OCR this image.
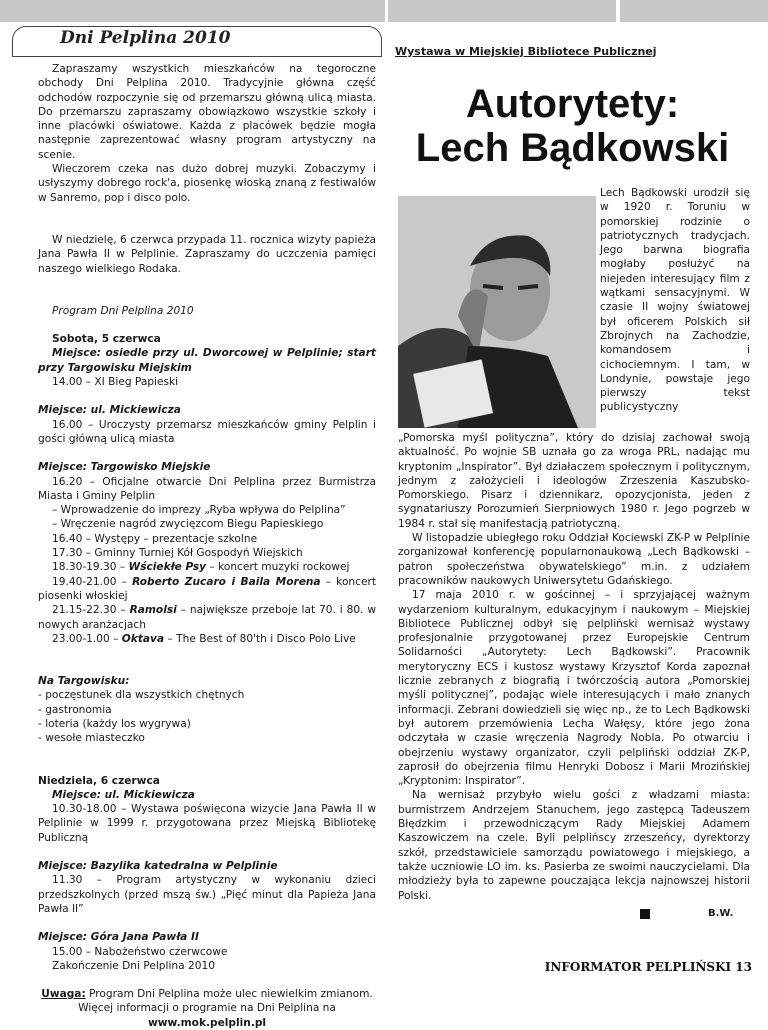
Dni Pelplina 2010

Zapraszamy wszystkich mieszkańców na tegoroczne obchody Dni Pelplina 2010. Tradycyjnie główna część odchodów rozpoczynie się od przemarszu główną ulicą miasta. Do przemarszu zapraszamy obowiązkowo wszystkie szkoły i inne placówki oświatowe. Każda z placówek będzie mogła następnie zaprezentować własny program artystyczny na scenie.

Wieczorem czeka nas dużo dobrej muzyki. Zobaczymy i usłyszymy dobrego rock'a, piosenkę włoską znaną z festiwalów w Sanremo, pop i disco polo.

W niedzielę, 6 czerwca przypada 11. rocznica wizyty papieża Jana Pawła II w Pelplinie. Zapraszamy do uczczenia pamięci naszego wielkiego Rodaka.

Program Dni Pelplina 2010

Sobota, 5 czerwca

Miejsce: osiedle przy ul. Dworcowej w Pelplinie; start przy Targowisku Miejskim

14.00 – XI Bieg Papieski

Miejsce: ul. Mickiewicza

16.00 – Uroczysty przemarsz mieszkańców gminy Pelplin i gości główną ulicą miasta

Miejsce: Targowisko Miejskie

16.20 – Oficjalne otwarcie Dni Pelplina przez Burmistrza Miasta i Gminy Pelplin

– Wprowadzenie do imprezy „Ryba wpływa do Pelplina”

– Wręczenie nagród zwycięzcom Biegu Papieskiego

16.40 – Występy – prezentacje szkolne

17.30 – Gminny Turniej Kół Gospodyń Wiejskich

18.30-19.30 – Wściekłe Psy – koncert muzyki rockowej

19.40-21.00 – Roberto Zucaro i Baila Morena – koncert piosenki włoskiej

21.15-22.30 – Ramolsi – największe przeboje lat 70. i 80. w nowych aranżacjach

23.00-1.00 – Oktava – The Best of 80'th i Disco Polo Live

Na Targowisku:

- poczęstunek dla wszystkich chętnych

- gastronomia

- loteria (każdy los wygrywa)

- wesołe miasteczko

Niedziela, 6 czerwca

Miejsce: ul. Mickiewicza

10.30-18.00 – Wystawa poświęcona wizycie Jana Pawła II w Pelplinie w 1999 r. przygotowana przez Miejską Bibliotekę Publiczną

Miejsce: Bazylika katedralna w Pelplinie

11.30 – Program artystyczny w wykonaniu dzieci przedszkolnych (przed mszą św.) „Pięć minut dla Papieża Jana Pawła II”

Miejsce: Góra Jana Pawła II

15.00 – Nabożeństwo czerwcowe

Zakończenie Dni Pelplina 2010

Uwaga: Program Dni Pelplina może ulec niewielkim zmianom.

Więcej informacji o programie na Dni Pelplina na

www.mok.pelplin.pl

Wystawa w Miejskiej Bibliotece Publicznej
Autorytety:
Lech Bądkowski
Lech Bądkowski urodził się w 1920 r. Toruniu w pomorskiej rodzinie o patriotycznych tradycjach. Jego barwna biografia mogłaby posłużyć na niejeden interesujący film z wątkami sensacyjnymi. W czasie II wojny światowej był oficerem Polskich sił Zbrojnych na Zachodzie, komandosem i cichociemnym. I tam, w Londynie, powstaje jego pierwszy tekst publicystyczny

„Pomorska myśl polityczna”, który do dzisiaj zachował swoją aktualność. Po wojnie SB uznała go za wroga PRL, nadając mu kryptonim „Inspirator”. Był działaczem społecznym i politycznym, jednym z założycieli i ideologów Zrzeszenia Kaszubsko-Pomorskiego. Pisarz i dziennikarz, opozycjonista, jeden z sygnatariuszy Porozumień Sierpniowych 1980 r. Jego pogrzeb w 1984 r. stał się manifestacją patriotyczną.

W listopadzie ubiegłego roku Oddział Kociewski ZK-P w Pelplinie zorganizował konferencję popularnonaukową „Lech Bądkowski – patron społeczeństwa obywatelskiego” m.in. z udziałem pracowników naukowych Uniwersytetu Gdańskiego.

17 maja 2010 r. w gościnnej – i sprzyjającej ważnym wydarzeniom kulturalnym, edukacyjnym i naukowym – Miejskiej Bibliotece Publicznej odbył się pelpliński wernisaż wystawy profesjonalnie przygotowanej przez Europejskie Centrum Solidarności „Autorytety: Lech Bądkowski”. Pracownik merytoryczny ECS i kustosz wystawy Krzysztof Korda zapoznał licznie zebranych z biografią i twórczością autora „Pomorskiej myśli politycznej”, podając wiele interesujących i mało znanych informacji. Zebrani dowiedzieli się więc np., że to Lech Bądkowski był autorem przemówienia Lecha Wałęsy, które jego żona odczytała w czasie wręczenia Nagrody Nobla. Po otwarciu i obejrzeniu wystawy organizator, czyli pelpliński oddział ZK-P, zaprosił do obejrzenia filmu Henryki Dobosz i Marii Mrozińskiej „Kryptonim: Inspirator”.

Na wernisaż przybyło wielu gości z władzami miasta: burmistrzem Andrzejem Stanuchem, jego zastępcą Tadeuszem Błędzkim i przewodniczącym Rady Miejskiej Adamem Kaszowiczem na czele. Byli pelplińscy zrzeszeńcy, dyrektorzy szkół, przedstawiciele samorządu powiatowego i miejskiego, a także uczniowie LO im. ks. Pasierba ze swoimi nauczycielami. Dla młodzieży była to zapewne pouczająca lekcja najnowszej historii Polski.

B.W.
INFORMATOR PELPLIŃSKI 13
